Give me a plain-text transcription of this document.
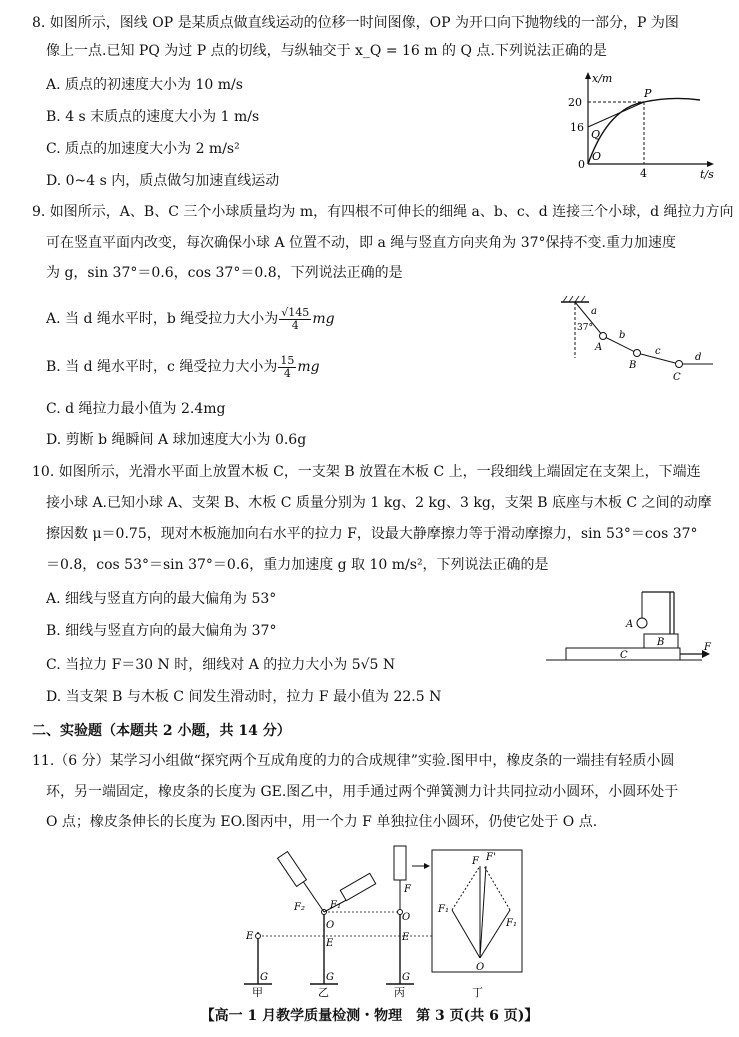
8. 如图所示，图线 OP 是某质点做直线运动的位移一时间图像，OP 为开口向下抛物线的一部分，P 为图
像上一点.已知 PQ 为过 P 点的切线，与纵轴交于 x_Q = 16 m 的 Q 点.下列说法正确的是
A. 质点的初速度大小为 10 m/s
B. 4 s 末质点的速度大小为 1 m/s
C. 质点的加速度大小为 2 m/s²
D. 0~4 s 内，质点做匀加速直线运动
x/m
t/s
20
16
4
0
O
P
Q
9. 如图所示，A、B、C 三个小球质量均为 m，有四根不可伸长的细绳 a、b、c、d 连接三个小球，d 绳拉力方向
可在竖直平面内改变，每次确保小球 A 位置不动，即 a 绳与竖直方向夹角为 37°保持不变.重力加速度
为 g，sin 37°＝0.6，cos 37°＝0.8，下列说法正确的是
A. 当 d 绳水平时，b 绳受拉力大小为 $\frac{√145}{4}$ mg
B. 当 d 绳水平时，c 绳受拉力大小为 $\frac{15}{4}$ mg
C. d 绳拉力最小值为 2.4mg
D. 剪断 b 绳瞬间 A 球加速度大小为 0.6g
a
b
c
d
A
B
C
37°
10. 如图所示，光滑水平面上放置木板 C，一支架 B 放置在木板 C 上，一段细线上端固定在支架上，下端连
接小球 A.已知小球 A、支架 B、木板 C 质量分别为 1 kg、2 kg、3 kg，支架 B 底座与木板 C 之间的动摩
擦因数 μ＝0.75，现对木板施加向右水平的拉力 F，设最大静摩擦力等于滑动摩擦力，sin 53°＝cos 37°
＝0.8，cos 53°＝sin 37°＝0.6，重力加速度 g 取 10 m/s²，下列说法正确的是
A. 细线与竖直方向的最大偏角为 53°
B. 细线与竖直方向的最大偏角为 37°
C. 当拉力 F＝30 N 时，细线对 A 的拉力大小为 5√5 N
D. 当支架 B 与木板 C 间发生滑动时，拉力 F 最小值为 22.5 N
A
B
C
F
二、实验题（本题共 2 小题，共 14 分）
11.（6 分）某学习小组做“探究两个互成角度的力的合成规律”实验.图甲中，橡皮条的一端挂有轻质小圆
环，另一端固定，橡皮条的长度为 GE.图乙中，用手通过两个弹簧测力计共同拉动小圆环，小圆环处于
O 点；橡皮条伸长的长度为 EO.图丙中，用一个力 F 单独拉住小圆环，仍使它处于 O 点.
F F'
F₁
F₁
O
E
G
O
E
G
F₂	F₁
O
E
G
F
甲	乙	丙	丁
【高一 1 月教学质量检测・物理　第 3 页(共 6 页)】
